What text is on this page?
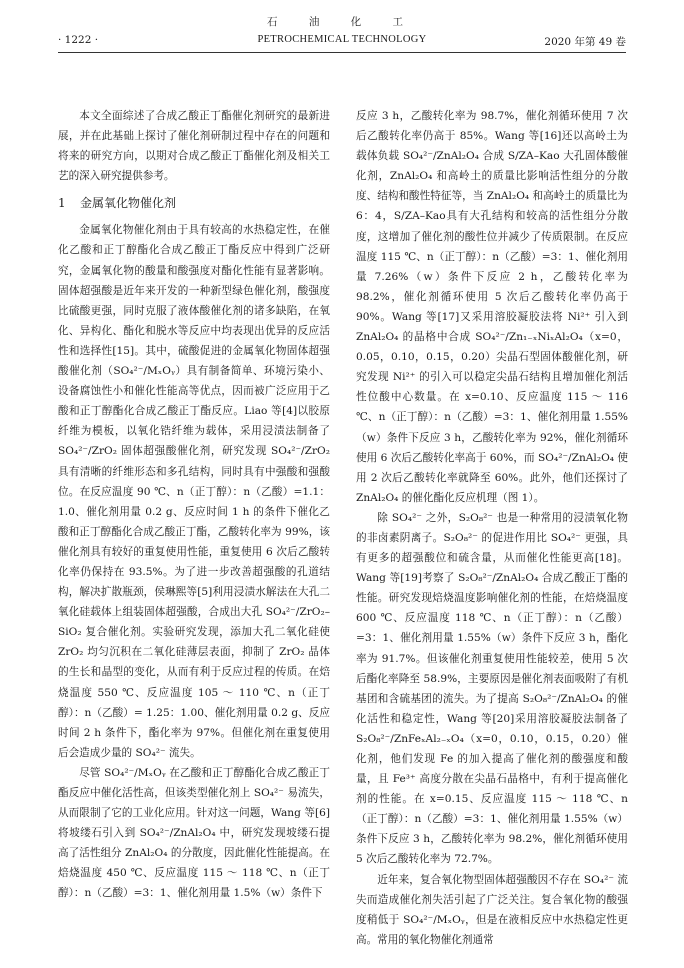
石 油 化 工
· 1222 ·	PETROCHEMICAL TECHNOLOGY	2020 年第 49 卷

本文全面综述了合成乙酸正丁酯催化剂研究的最新进展，并在此基础上探讨了催化剂研制过程中存在的问题和将来的研究方向，以期对合成乙酸正丁酯催化剂及相关工艺的深入研究提供参考。

1 金属氧化物催化剂

金属氧化物催化剂由于具有较高的水热稳定性，在催化乙酸和正丁醇酯化合成乙酸正丁酯反应中得到广泛研究，金属氧化物的酸量和酸强度对酯化性能有显著影响。固体超强酸是近年来开发的一种新型绿色催化剂，酸强度比硫酸更强，同时克服了液体酸催化剂的诸多缺陷，在氧化、异构化、酯化和脱水等反应中均表现出优异的反应活性和选择性[15]。其中，硫酸促进的金属氧化物固体超强酸催化剂（SO₄²⁻/MₓOᵧ）具有制备简单、环境污染小、设备腐蚀性小和催化性能高等优点，因而被广泛应用于乙酸和正丁醇酯化合成乙酸正丁酯反应。Liao 等[4]以胶原纤维为模板，以氧化锆纤维为载体，采用浸渍法制备了 SO₄²⁻/ZrO₂ 固体超强酸催化剂，研究发现 SO₄²⁻/ZrO₂ 具有清晰的纤维形态和多孔结构，同时具有中强酸和强酸位。在反应温度 90 ℃、n（正丁醇）：n（乙酸）=1.1：1.0、催化剂用量 0.2 g、反应时间 1 h 的条件下催化乙酸和正丁醇酯化合成乙酸正丁酯，乙酸转化率为 99%，该催化剂具有较好的重复使用性能，重复使用 6 次后乙酸转化率仍保持在 93.5%。为了进一步改善超强酸的孔道结构，解决扩散瓶颈，侯琳熙等[5]利用浸渍水解法在大孔二氧化硅载体上组装固体超强酸，合成出大孔 SO₄²⁻/ZrO₂–SiO₂ 复合催化剂。实验研究发现，添加大孔二氧化硅使 ZrO₂ 均匀沉积在二氧化硅薄层表面，抑制了 ZrO₂ 晶体的生长和晶型的变化，从而有利于反应过程的传质。在焙烧温度 550 ℃、反应温度 105 ～ 110 ℃、n（正丁醇）：n（乙酸）= 1.25：1.00、催化剂用量 0.2 g、反应时间 2 h 条件下，酯化率为 97%。但催化剂在重复使用后会造成少量的 SO₄²⁻ 流失。

尽管 SO₄²⁻/MₓOᵧ 在乙酸和正丁醇酯化合成乙酸正丁酯反应中催化活性高，但该类型催化剂上 SO₄²⁻ 易流失，从而限制了它的工业化应用。针对这一问题，Wang 等[6]将坡缕石引入到 SO₄²⁻/ZnAl₂O₄ 中，研究发现坡缕石提高了活性组分 ZnAl₂O₄ 的分散度，因此催化性能提高。在焙烧温度 450 ℃、反应温度 115 ～ 118 ℃、n（正丁醇）：n（乙酸）=3：1、催化剂用量 1.5%（w）条件下

反应 3 h，乙酸转化率为 98.7%，催化剂循环使用 7 次后乙酸转化率仍高于 85%。Wang 等[16]还以高岭土为载体负载 SO₄²⁻/ZnAl₂O₄ 合成 S/ZA–Kao 大孔固体酸催化剂，ZnAl₂O₄ 和高岭土的质量比影响活性组分的分散度、结构和酸性特征等，当 ZnAl₂O₄ 和高岭土的质量比为 6：4，S/ZA–Kao具有大孔结构和较高的活性组分分散度，这增加了催化剂的酸性位并减少了传质限制。在反应温度 115 ℃、n（正丁醇）：n（乙酸）=3：1、催化剂用量 7.26%（w）条件下反应 2 h，乙酸转化率为 98.2%，催化剂循环使用 5 次后乙酸转化率仍高于 90%。Wang 等[17]又采用溶胶凝胶法将 Ni²⁺ 引入到 ZnAl₂O₄ 的晶格中合成 SO₄²⁻/Zn₁₋ₓNiₓAl₂O₄（x=0，0.05，0.10，0.15，0.20）尖晶石型固体酸催化剂，研究发现 Ni²⁺ 的引入可以稳定尖晶石结构且增加催化剂活性位酸中心数量。在 x=0.10、反应温度 115 ～ 116 ℃、n（正丁醇）：n（乙酸）=3：1、催化剂用量 1.55%（w）条件下反应 3 h，乙酸转化率为 92%，催化剂循环使用 6 次后乙酸转化率高于 60%，而 SO₄²⁻/ZnAl₂O₄ 使用 2 次后乙酸转化率就降至 60%。此外，他们还探讨了 ZnAl₂O₄ 的催化酯化反应机理（图 1）。

除 SO₄²⁻ 之外，S₂O₈²⁻ 也是一种常用的浸渍氧化物的非卤素阴离子。S₂O₈²⁻ 的促进作用比 SO₄²⁻ 更强，具有更多的超强酸位和硫含量，从而催化性能更高[18]。Wang 等[19]考察了 S₂O₈²⁻/ZnAl₂O₄ 合成乙酸正丁酯的性能。研究发现焙烧温度影响催化剂的性能，在焙烧温度 600 ℃、反应温度 118 ℃、n（正丁醇）：n（乙酸）=3：1、催化剂用量 1.55%（w）条件下反应 3 h，酯化率为 91.7%。但该催化剂重复使用性能较差，使用 5 次后酯化率降至 58.9%，主要原因是催化剂表面吸附了有机基团和含硫基团的流失。为了提高 S₂O₈²⁻/ZnAl₂O₄ 的催化活性和稳定性，Wang 等[20]采用溶胶凝胶法制备了 S₂O₈²⁻/ZnFeₓAl₂₋ₓO₄（x=0，0.10，0.15，0.20）催化剂，他们发现 Fe 的加入提高了催化剂的酸强度和酸量，且 Fe³⁺ 高度分散在尖晶石晶格中，有利于提高催化剂的性能。在 x=0.15、反应温度 115 ～ 118 ℃、n（正丁醇）：n（乙酸）=3：1、催化剂用量 1.55%（w）条件下反应 3 h，乙酸转化率为 98.2%，催化剂循环使用 5 次后乙酸转化率为 72.7%。

近年来，复合氧化物型固体超强酸因不存在 SO₄²⁻ 流失而造成催化剂失活引起了广泛关注。复合氧化物的酸强度稍低于 SO₄²⁻/MₓOᵧ，但是在液相反应中水热稳定性更高。常用的氧化物催化剂通常
